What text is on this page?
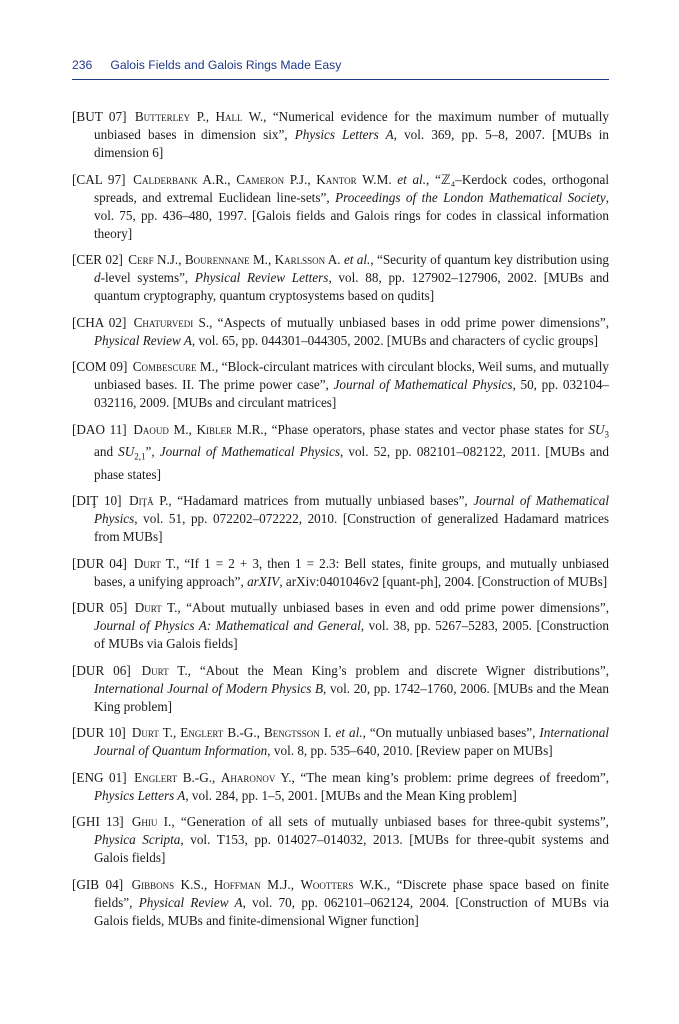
236 Galois Fields and Galois Rings Made Easy

[BUT 07] Butterley P., Hall W., “Numerical evidence for the maximum number of mutually unbiased bases in dimension six”, Physics Letters A, vol. 369, pp. 5–8, 2007. [MUBs in dimension 6]

[CAL 97] Calderbank A.R., Cameron P.J., Kantor W.M. et al., “ℤ₄–Kerdock codes, orthogonal spreads, and extremal Euclidean line-sets”, Proceedings of the London Mathematical Society, vol. 75, pp. 436–480, 1997. [Galois fields and Galois rings for codes in classical information theory]

[CER 02] Cerf N.J., Bourennane M., Karlsson A. et al., “Security of quantum key distribution using d-level systems”, Physical Review Letters, vol. 88, pp. 127902–127906, 2002. [MUBs and quantum cryptography, quantum cryptosystems based on qudits]

[CHA 02] Chaturvedi S., “Aspects of mutually unbiased bases in odd prime power dimensions”, Physical Review A, vol. 65, pp. 044301–044305, 2002. [MUBs and characters of cyclic groups]

[COM 09] Combescure M., “Block-circulant matrices with circulant blocks, Weil sums, and mutually unbiased bases. II. The prime power case”, Journal of Mathematical Physics, 50, pp. 032104–032116, 2009. [MUBs and circulant matrices]

[DAO 11] Daoud M., Kibler M.R., “Phase operators, phase states and vector phase states for $SU_3$ and $SU_{2,1}$”, Journal of Mathematical Physics, vol. 52, pp. 082101–082122, 2011. [MUBs and phase states]

[DIŢ 10] Diţă P., “Hadamard matrices from mutually unbiased bases”, Journal of Mathematical Physics, vol. 51, pp. 072202–072222, 2010. [Construction of generalized Hadamard matrices from MUBs]

[DUR 04] Durt T., “If 1 = 2 + 3, then 1 = 2.3: Bell states, finite groups, and mutually unbiased bases, a unifying approach”, arXIV, arXiv:0401046v2 [quant-ph], 2004. [Construction of MUBs]

[DUR 05] Durt T., “About mutually unbiased bases in even and odd prime power dimensions”, Journal of Physics A: Mathematical and General, vol. 38, pp. 5267–5283, 2005. [Construction of MUBs via Galois fields]

[DUR 06] Durt T., “About the Mean King’s problem and discrete Wigner distributions”, International Journal of Modern Physics B, vol. 20, pp. 1742–1760, 2006. [MUBs and the Mean King problem]

[DUR 10] Durt T., Englert B.-G., Bengtsson I. et al., “On mutually unbiased bases”, International Journal of Quantum Information, vol. 8, pp. 535–640, 2010. [Review paper on MUBs]

[ENG 01] Englert B.-G., Aharonov Y., “The mean king’s problem: prime degrees of freedom”, Physics Letters A, vol. 284, pp. 1–5, 2001. [MUBs and the Mean King problem]

[GHI 13] Ghiu I., “Generation of all sets of mutually unbiased bases for three-qubit systems”, Physica Scripta, vol. T153, pp. 014027–014032, 2013. [MUBs for three-qubit systems and Galois fields]

[GIB 04] Gibbons K.S., Hoffman M.J., Wootters W.K., “Discrete phase space based on finite fields”, Physical Review A, vol. 70, pp. 062101–062124, 2004. [Construction of MUBs via Galois fields, MUBs and finite-dimensional Wigner function]
